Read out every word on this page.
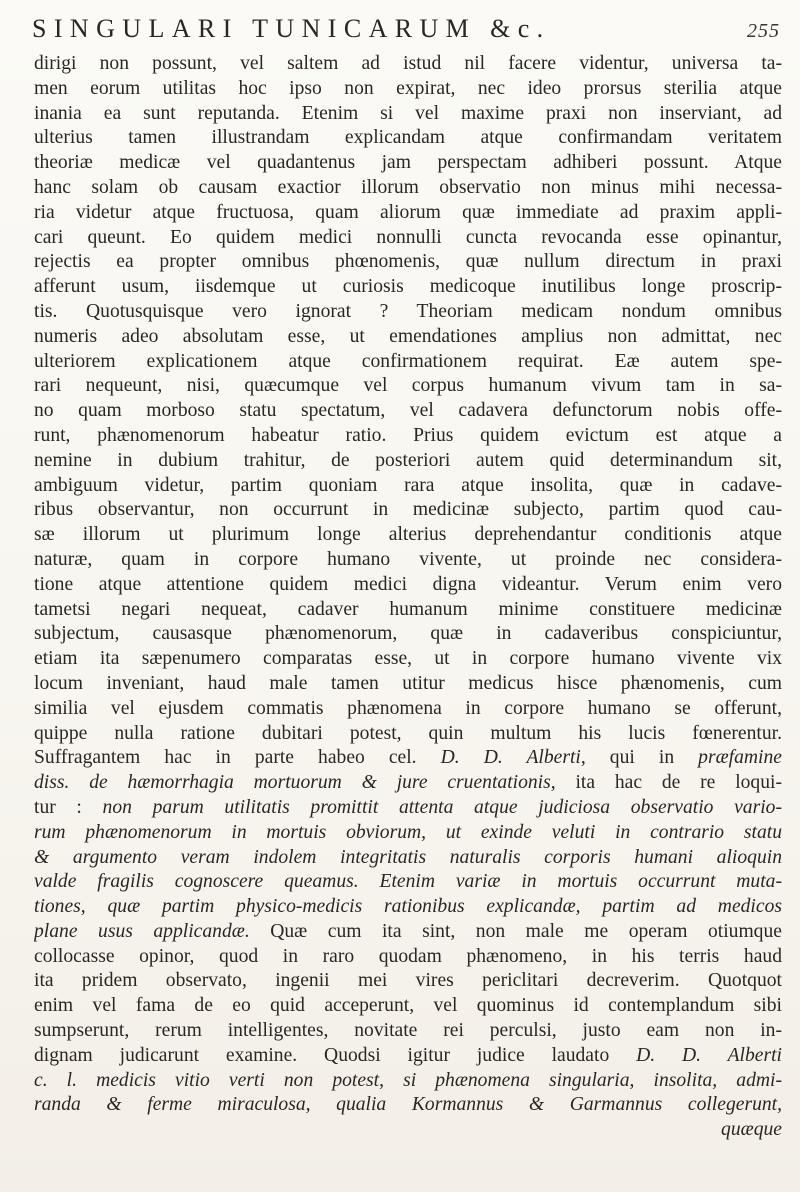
SINGULARI TUNICARUM &c.	255
dirigi non possunt, vel saltem ad istud nil facere videntur, universa ta-
men eorum utilitas hoc ipso non expirat, nec ideo prorsus sterilia atque
inania ea sunt reputanda. Etenim si vel maxime praxi non inserviant, ad
ulterius tamen illustrandam explicandam atque confirmandam veritatem
theoriæ medicæ vel quadantenus jam perspectam adhiberi possunt. Atque
hanc solam ob causam exactior illorum observatio non minus mihi necessa-
ria videtur atque fructuosa, quam aliorum quæ immediate ad praxim appli-
cari queunt. Eo quidem medici nonnulli cuncta revocanda esse opinantur,
rejectis ea propter omnibus phœnomenis, quæ nullum directum in praxi
afferunt usum, iisdemque ut curiosis medicoque inutilibus longe proscrip-
tis. Quotusquisque vero ignorat ? Theoriam medicam nondum omnibus
numeris adeo absolutam esse, ut emendationes amplius non admittat, nec
ulteriorem explicationem atque confirmationem requirat. Eæ autem spe-
rari nequeunt, nisi, quæcumque vel corpus humanum vivum tam in sa-
no quam morboso statu spectatum, vel cadavera defunctorum nobis offe-
runt, phænomenorum habeatur ratio. Prius quidem evictum est atque a
nemine in dubium trahitur, de posteriori autem quid determinandum sit,
ambiguum videtur, partim quoniam rara atque insolita, quæ in cadave-
ribus observantur, non occurrunt in medicinæ subjecto, partim quod cau-
sæ illorum ut plurimum longe alterius deprehendantur conditionis atque
naturæ, quam in corpore humano vivente, ut proinde nec considera-
tione atque attentione quidem medici digna videantur. Verum enim vero
tametsi negari nequeat, cadaver humanum minime constituere medicinæ
subjectum, causasque phænomenorum, quæ in cadaveribus conspiciuntur,
etiam ita sæpenumero comparatas esse, ut in corpore humano vivente vix
locum inveniant, haud male tamen utitur medicus hisce phænomenis, cum
similia vel ejusdem commatis phænomena in corpore humano se offerunt,
quippe nulla ratione dubitari potest, quin multum his lucis fœnerentur.
Suffragantem hac in parte habeo cel. D. D. Alberti, qui in præfamine
diss. de hæmorrhagia mortuorum & jure cruentationis, ita hac de re loqui-
tur : non parum utilitatis promittit attenta atque judiciosa observatio vario-
rum phænomenorum in mortuis obviorum, ut exinde veluti in contrario statu
& argumento veram indolem integritatis naturalis corporis humani alioquin
valde fragilis cognoscere queamus. Etenim variæ in mortuis occurrunt muta-
tiones, quæ partim physico-medicis rationibus explicandæ, partim ad medicos
plane usus applicandæ. Quæ cum ita sint, non male me operam otiumque
collocasse opinor, quod in raro quodam phænomeno, in his terris haud
ita pridem observato, ingenii mei vires periclitari decreverim. Quotquot
enim vel fama de eo quid acceperunt, vel quominus id contemplandum sibi
sumpserunt, rerum intelligentes, novitate rei perculsi, justo eam non in-
dignam judicarunt examine. Quodsi igitur judice laudato D. D. Alberti
c. l. medicis vitio verti non potest, si phænomena singularia, insolita, admi-
randa & ferme miraculosa, qualia Kormannus & Garmannus collegerunt,
quæque
